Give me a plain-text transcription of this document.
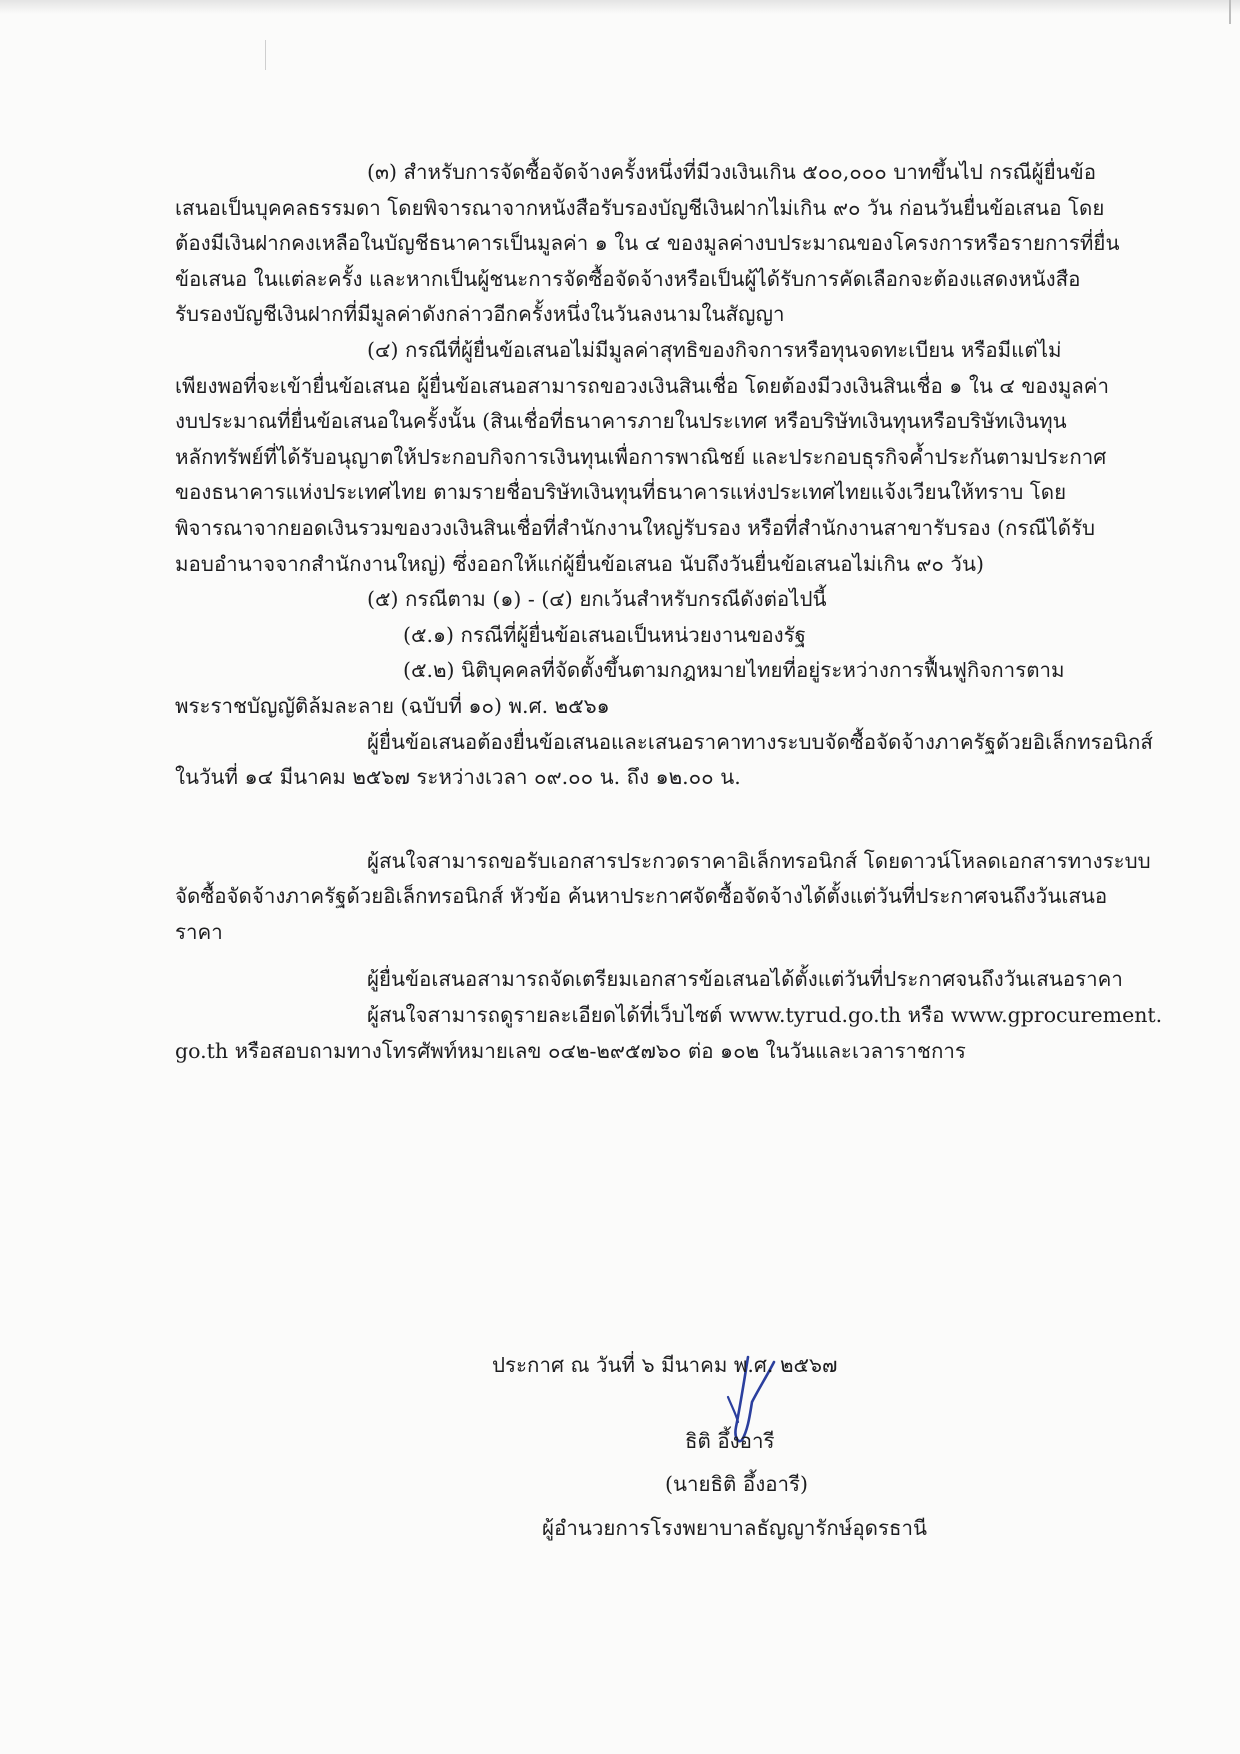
(๓) สำหรับการจัดซื้อจัดจ้างครั้งหนึ่งที่มีวงเงินเกิน ๕๐๐,๐๐๐ บาทขึ้นไป กรณีผู้ยื่นข้อ
เสนอเป็นบุคคลธรรมดา โดยพิจารณาจากหนังสือรับรองบัญชีเงินฝากไม่เกิน ๙๐ วัน ก่อนวันยื่นข้อเสนอ โดย
ต้องมีเงินฝากคงเหลือในบัญชีธนาคารเป็นมูลค่า ๑ ใน ๔ ของมูลค่างบประมาณของโครงการหรือรายการที่ยื่น
ข้อเสนอ ในแต่ละครั้ง และหากเป็นผู้ชนะการจัดซื้อจัดจ้างหรือเป็นผู้ได้รับการคัดเลือกจะต้องแสดงหนังสือ
รับรองบัญชีเงินฝากที่มีมูลค่าดังกล่าวอีกครั้งหนึ่งในวันลงนามในสัญญา
(๔) กรณีที่ผู้ยื่นข้อเสนอไม่มีมูลค่าสุทธิของกิจการหรือทุนจดทะเบียน หรือมีแต่ไม่
เพียงพอที่จะเข้ายื่นข้อเสนอ ผู้ยื่นข้อเสนอสามารถขอวงเงินสินเชื่อ โดยต้องมีวงเงินสินเชื่อ ๑ ใน ๔ ของมูลค่า
งบประมาณที่ยื่นข้อเสนอในครั้งนั้น (สินเชื่อที่ธนาคารภายในประเทศ หรือบริษัทเงินทุนหรือบริษัทเงินทุน
หลักทรัพย์ที่ได้รับอนุญาตให้ประกอบกิจการเงินทุนเพื่อการพาณิชย์ และประกอบธุรกิจค้ำประกันตามประกาศ
ของธนาคารแห่งประเทศไทย ตามรายชื่อบริษัทเงินทุนที่ธนาคารแห่งประเทศไทยแจ้งเวียนให้ทราบ โดย
พิจารณาจากยอดเงินรวมของวงเงินสินเชื่อที่สำนักงานใหญ่รับรอง หรือที่สำนักงานสาขารับรอง (กรณีได้รับ
มอบอำนาจจากสำนักงานใหญ่) ซึ่งออกให้แก่ผู้ยื่นข้อเสนอ นับถึงวันยื่นข้อเสนอไม่เกิน ๙๐ วัน)
(๕) กรณีตาม (๑) - (๔) ยกเว้นสำหรับกรณีดังต่อไปนี้
(๕.๑) กรณีที่ผู้ยื่นข้อเสนอเป็นหน่วยงานของรัฐ
(๕.๒) นิติบุคคลที่จัดตั้งขึ้นตามกฎหมายไทยที่อยู่ระหว่างการฟื้นฟูกิจการตาม
พระราชบัญญัติล้มละลาย (ฉบับที่ ๑๐) พ.ศ. ๒๕๖๑
ผู้ยื่นข้อเสนอต้องยื่นข้อเสนอและเสนอราคาทางระบบจัดซื้อจัดจ้างภาครัฐด้วยอิเล็กทรอนิกส์
ในวันที่ ๑๔ มีนาคม ๒๕๖๗ ระหว่างเวลา ๐๙.๐๐ น. ถึง ๑๒.๐๐ น.
ผู้สนใจสามารถขอรับเอกสารประกวดราคาอิเล็กทรอนิกส์ โดยดาวน์โหลดเอกสารทางระบบ
จัดซื้อจัดจ้างภาครัฐด้วยอิเล็กทรอนิกส์ หัวข้อ ค้นหาประกาศจัดซื้อจัดจ้างได้ตั้งแต่วันที่ประกาศจนถึงวันเสนอ
ราคา
ผู้ยื่นข้อเสนอสามารถจัดเตรียมเอกสารข้อเสนอได้ตั้งแต่วันที่ประกาศจนถึงวันเสนอราคา
ผู้สนใจสามารถดูรายละเอียดได้ที่เว็บไซต์ www.tyrud.go.th หรือ www.gprocurement.
go.th หรือสอบถามทางโทรศัพท์หมายเลข ๐๔๒-๒๙๕๗๖๐ ต่อ ๑๐๒ ในวันและเวลาราชการ
ประกาศ ณ วันที่ ๖ มีนาคม พ.ศ. ๒๕๖๗
ธิติ อึ้งอารี
(นายธิติ อึ้งอารี)
ผู้อำนวยการโรงพยาบาลธัญญารักษ์อุดรธานี
